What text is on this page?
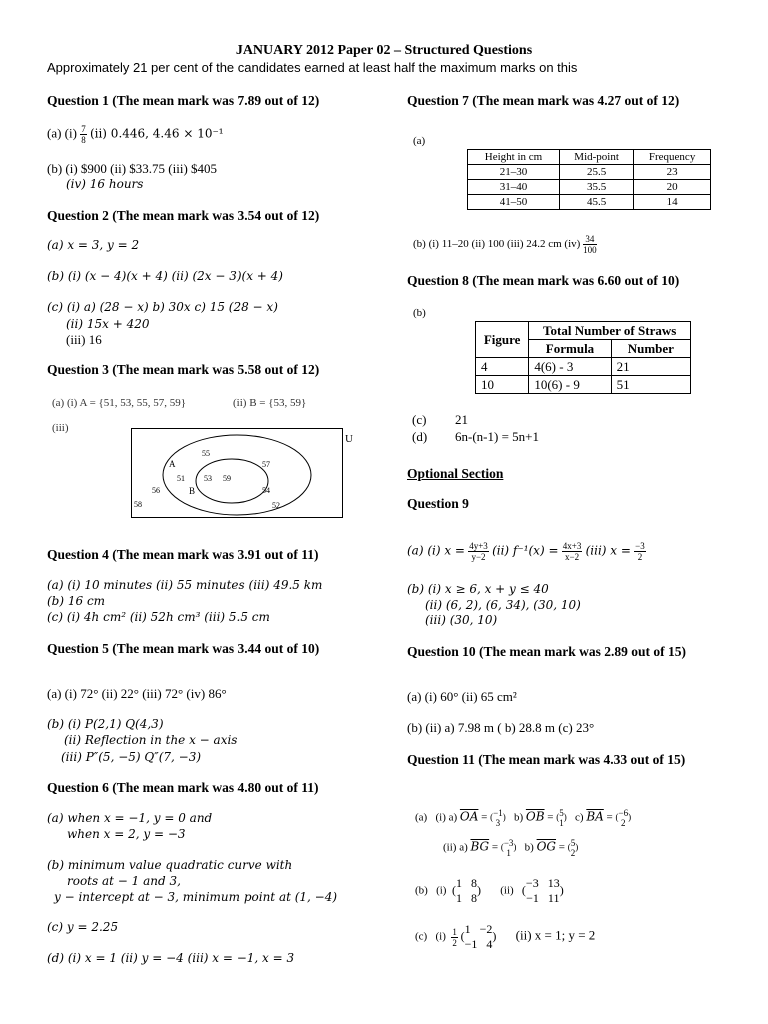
JANUARY 2012 Paper 02 – Structured Questions
Approximately 21 per cent of the candidates earned at least half the maximum marks on this
Question 1 (The mean mark was 7.89 out of 12)
(a) $(i) \frac{7}{8} (ii)$ 0.446, 4.46 × 10⁻¹
(b) (i) $900 (ii) $33.75 (iii) $405
(iv) 16 hours
Question 2 (The mean mark was 3.54 out of 12)
(a) x = 3, y = 2
(b) (i) (x − 4)(x + 4) (ii) (2x − 3)(x + 4)
(c) (i) a) (28 − x) b) 30x c) 15 (28 − x)
(ii) 15x + 420
(iii) 16
Question 3 (The mean mark was 5.58 out of 12)
(a) (i) A = {51, 53, 55, 57, 59}	(ii) B = {53, 59}
(iii)
U
A
B
55
57
51 53 59
56	54
58	52
Question 4 (The mean mark was 3.91 out of 11)
(a) (i) 10 minutes (ii) 55 minutes (iii) 49.5 km
(b) 16 cm
(c) (i) 4h cm² (ii) 52h cm³ (iii) 5.5 cm
Question 5 (The mean mark was 3.44 out of 10)
(a) (i) 72° (ii) 22° (iii) 72° (iv) 86°
(b) (i) P(2,1) Q(4,3)
(ii) Reflection in the x − axis
(iii) P″(5, −5) Q″(7, −3)
Question 6 (The mean mark was 4.80 out of 11)
(a) when x = −1, y = 0 and
when x = 2, y = −3
(b) minimum value quadratic curve with
roots at − 1 and 3,
y − intercept at − 3, minimum point at (1, −4)
(c) y = 2.25
(d) (i) x = 1 (ii) y = −4 (iii) x = −1, x = 3
Question 7 (The mean mark was 4.27 out of 12)
(a)
Height in cm	Mid-point	Frequency
21–30	25.5	23
31–40	35.5	20
41–50	45.5	14
(b) (i) 11–20 (ii) 100 (iii) 24.2 cm $(iv) \frac{34}{100}$
Question 8 (The mean mark was 6.60 out of 10)
(b)
Figure	Total Number of Straws	
	Formula	Number
4	4(6) - 3	21
10	10(6) - 9	51
(c) 21
(d) 6n-(n-1) = 5n+1
Optional Section
Question 9
(a) (i) $x = \frac{4y+3}{y-2} (ii) f^{-1}(x) = \frac{4x+3}{x-2} (iii) x = \frac{-3}{2}$
(b) (i) x ≥ 6, x + y ≤ 40
(ii) (6, 2), (6, 34), (30, 10)
(iii) (30, 10)
Question 10 (The mean mark was 2.89 out of 15)
(a) (i) 60° (ii) 65 cm²
(b) (ii) a) 7.98 m ( b) 28.8 m (c) 23°
Question 11 (The mean mark was 4.33 out of 15)
(a) (i) a) $\overline{OA}$ = ( −1
3
) b) $\overline{OB}$ = ( 5
1
) c) $\overline{BA}$ = ( −6
2
)
(ii) a) $\overline{BG}$ = ( −3
1
) b) $\overline{OG}$ = ( 5
2
)
(b) (i) ( 1 8
1 8
) (ii) ( −3 13
−1 11
)
(c) $(i) \frac{1}{2}$ ( 1 −2
−1 4
) (ii) x = 1; y = 2
